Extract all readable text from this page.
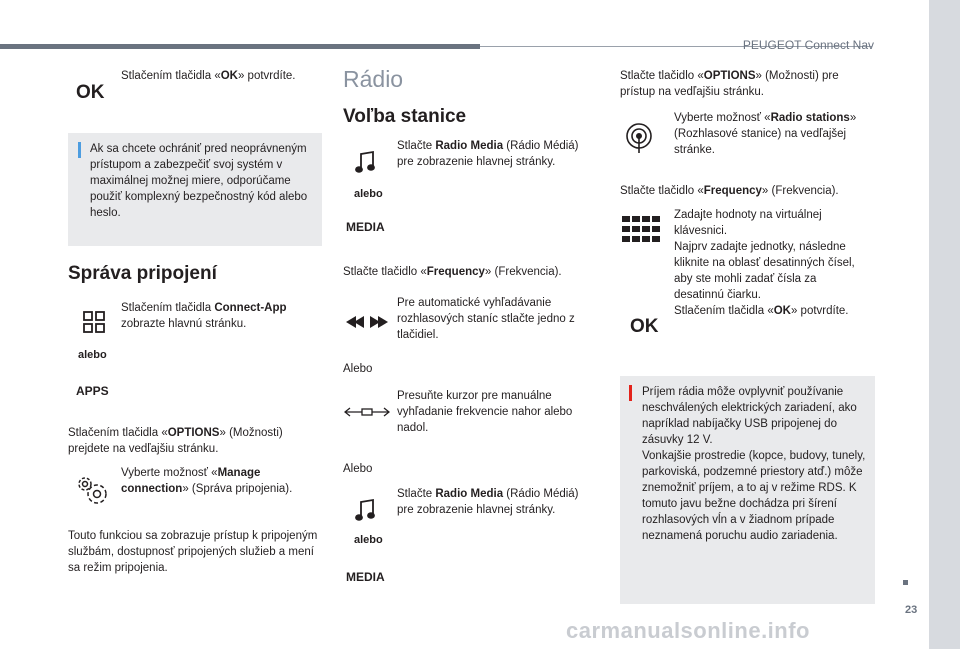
PEUGEOT Connect Nav
23
carmanualsonline.info
OK
Stlačením tlačidla «OK» potvrdíte.
Ak sa chcete ochrániť pred neoprávneným prístupom a zabezpečiť svoj systém v maximálnej možnej miere, odporúčame použiť komplexný bezpečnostný kód alebo heslo.
Správa pripojení
alebo
APPS
Stlačením tlačidla Connect-App zobrazte hlavnú stránku.
Stlačením tlačidla «OPTIONS» (Možnosti) prejdete na vedľajšiu stránku.
Vyberte možnosť «Manage connection» (Správa pripojenia).
Touto funkciou sa zobrazuje prístup k pripojeným službám, dostupnosť pripojených služieb a mení sa režim pripojenia.
Rádio
Voľba stanice
alebo
MEDIA
Stlačte Radio Media (Rádio Médiá) pre zobrazenie hlavnej stránky.
Stlačte tlačidlo «Frequency» (Frekvencia).
Pre automatické vyhľadávanie rozhlasových staníc stlačte jedno z tlačidiel.
Alebo
Presuňte kurzor pre manuálne vyhľadanie frekvencie nahor alebo nadol.
Alebo
alebo
MEDIA
Stlačte Radio Media (Rádio Médiá) pre zobrazenie hlavnej stránky.
Stlačte tlačidlo «OPTIONS» (Možnosti) pre prístup na vedľajšiu stránku.
Vyberte možnosť «Radio stations» (Rozhlasové stanice) na vedľajšej stránke.
Stlačte tlačidlo «Frequency» (Frekvencia).
Zadajte hodnoty na virtuálnej klávesnici.
Najprv zadajte jednotky, následne kliknite na oblasť desatinných čísel, aby ste mohli zadať čísla za desatinnú čiarku.
OK
Stlačením tlačidla «OK» potvrdíte.
Príjem rádia môže ovplyvniť používanie neschválených elektrických zariadení, ako napríklad nabíjačky USB pripojenej do zásuvky 12 V.
Vonkajšie prostredie (kopce, budovy, tunely, parkoviská, podzemné priestory atď.) môže znemožniť príjem, a to aj v režime RDS. K tomuto javu bežne dochádza pri šírení rozhlasových vĺn a v žiadnom prípade neznamená poruchu audio zariadenia.
